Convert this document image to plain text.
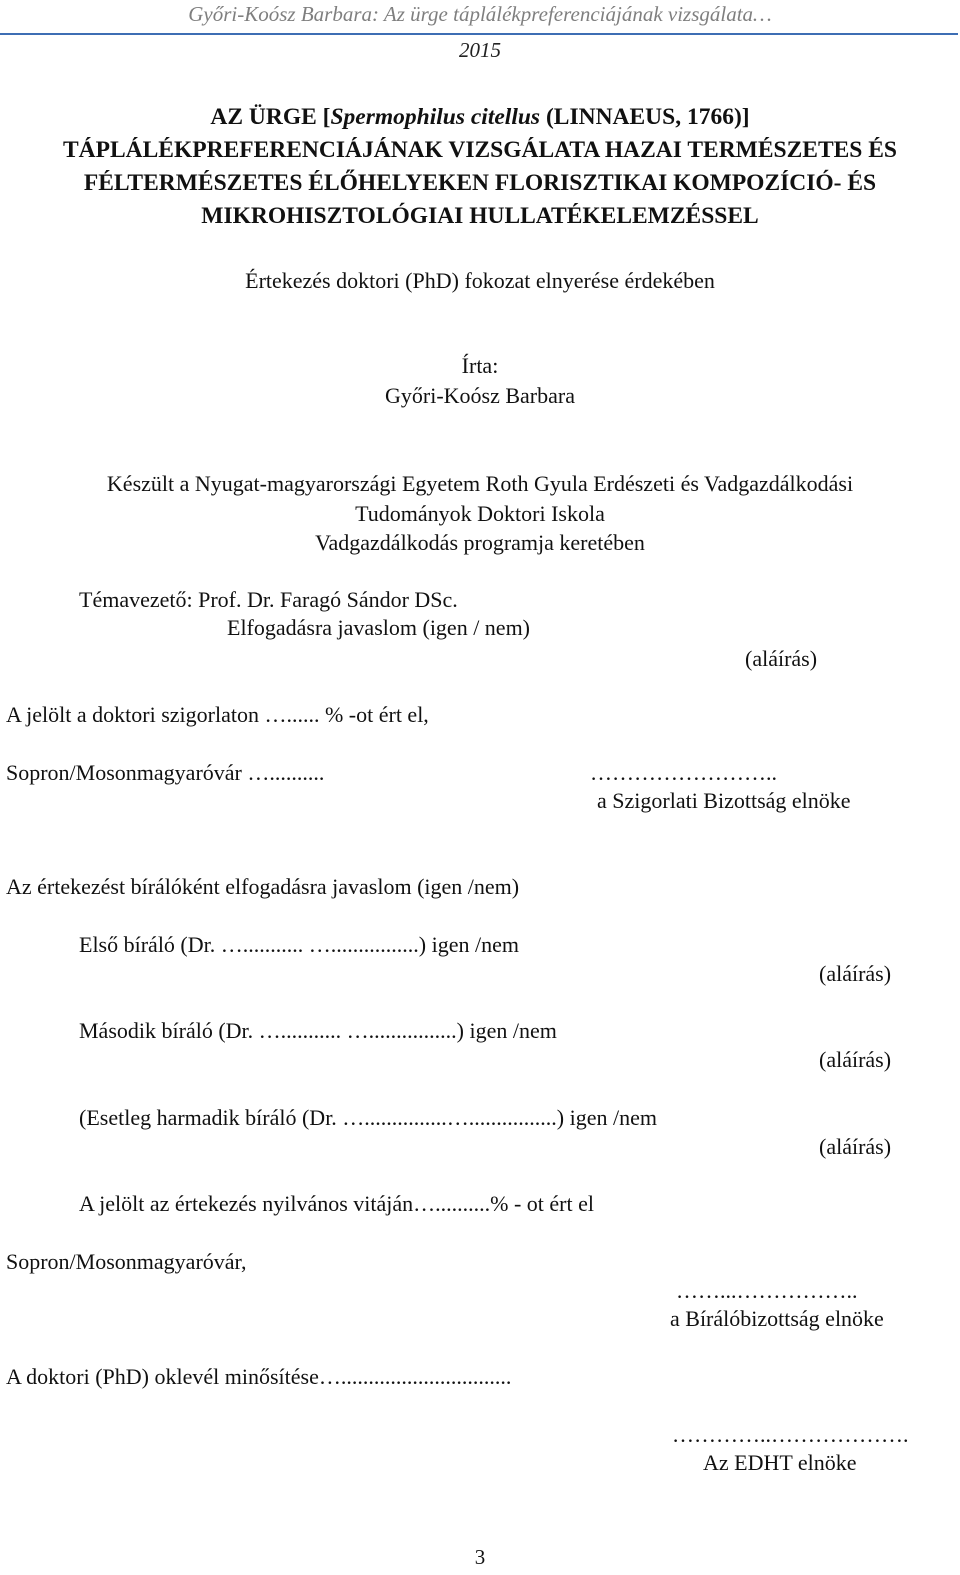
Győri-Koósz Barbara: Az ürge táplálékpreferenciájának vizsgálata…
2015
AZ ÜRGE [Spermophilus citellus (LINNAEUS, 1766)]
TÁPLÁLÉKPREFERENCIÁJÁNAK VIZSGÁLATA HAZAI TERMÉSZETES ÉS
FÉLTERMÉSZETES ÉLŐHELYEKEN FLORISZTIKAI KOMPOZÍCIÓ- ÉS
MIKROHISZTOLÓGIAI HULLATÉKELEMZÉSSEL
Értekezés doktori (PhD) fokozat elnyerése érdekében
Írta:
Győri-Koósz Barbara
Készült a Nyugat-magyarországi Egyetem Roth Gyula Erdészeti és Vadgazdálkodási
Tudományok Doktori Iskola
Vadgazdálkodás programja keretében
Témavezető: Prof. Dr. Faragó Sándor DSc.
Elfogadásra javaslom (igen / nem)
(aláírás)
A jelölt a doktori szigorlaton …...... % -ot ért el,
Sopron/Mosonmagyaróvár …..........	……………………..
a Szigorlati Bizottság elnöke
Az értekezést bírálóként elfogadásra javaslom (igen /nem)
Első bíráló (Dr. …........... …................) igen /nem
(aláírás)
Második bíráló (Dr. …........... …................) igen /nem
(aláírás)
(Esetleg harmadik bíráló (Dr. …...............…................) igen /nem
(aláírás)
A jelölt az értekezés nyilvános vitáján…..........% - ot ért el
Sopron/Mosonmagyaróvár,
……...……………..
a Bírálóbizottság elnöke
A doktori (PhD) oklevél minősítése…...............................
…………..……………….
Az EDHT elnöke
3
